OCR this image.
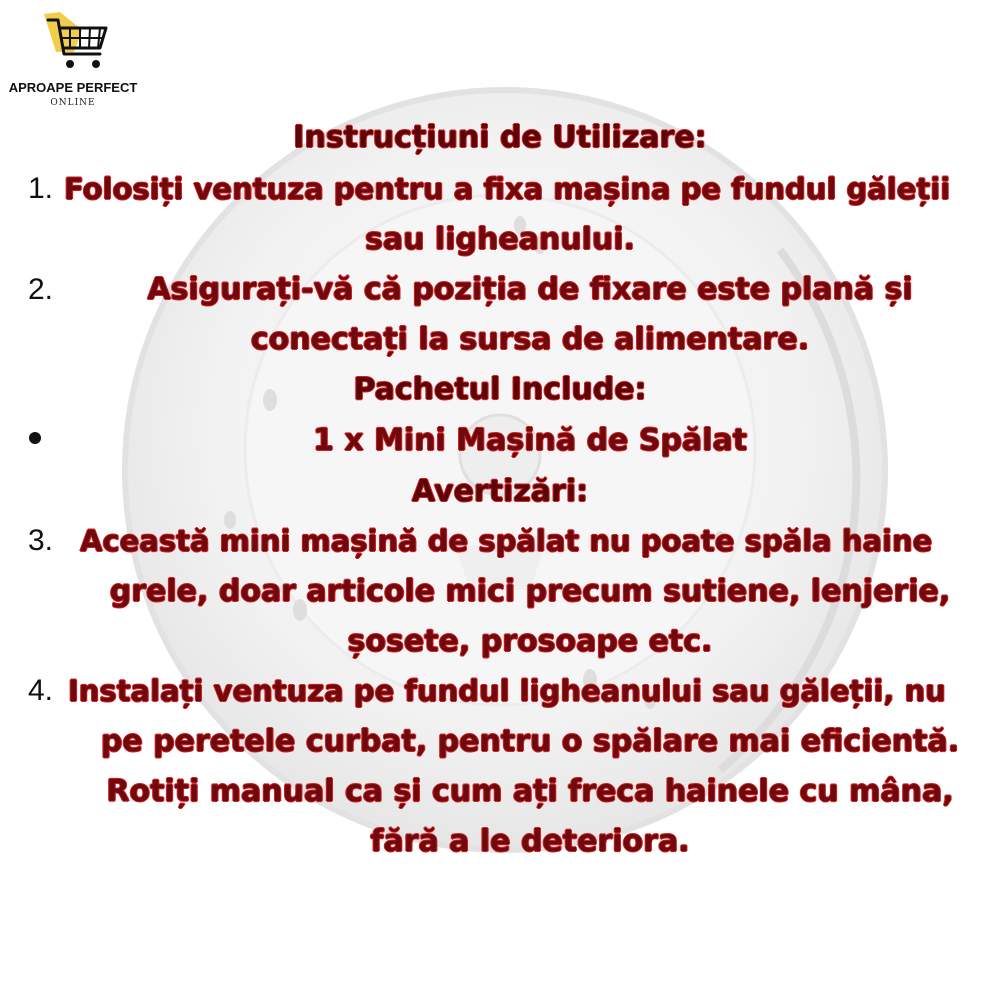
APROAPE PERFECT
ONLINE
Instrucțiuni de Utilizare:
1. Folosiți ventuza pentru a fixa mașina pe fundul găleții
sau ligheanului.
2.	Asigurați-vă că poziția de fixare este plană și
conectați la sursa de alimentare.
Pachetul Include:
1 x Mini Mașină de Spălat
Avertizări:
3. Această mini mașină de spălat nu poate spăla haine
grele, doar articole mici precum sutiene, lenjerie,
șosete, prosoape etc.
4. Instalați ventuza pe fundul ligheanului sau găleții, nu
pe peretele curbat, pentru o spălare mai eficientă.
Rotiți manual ca și cum ați freca hainele cu mâna,
fără a le deteriora.
